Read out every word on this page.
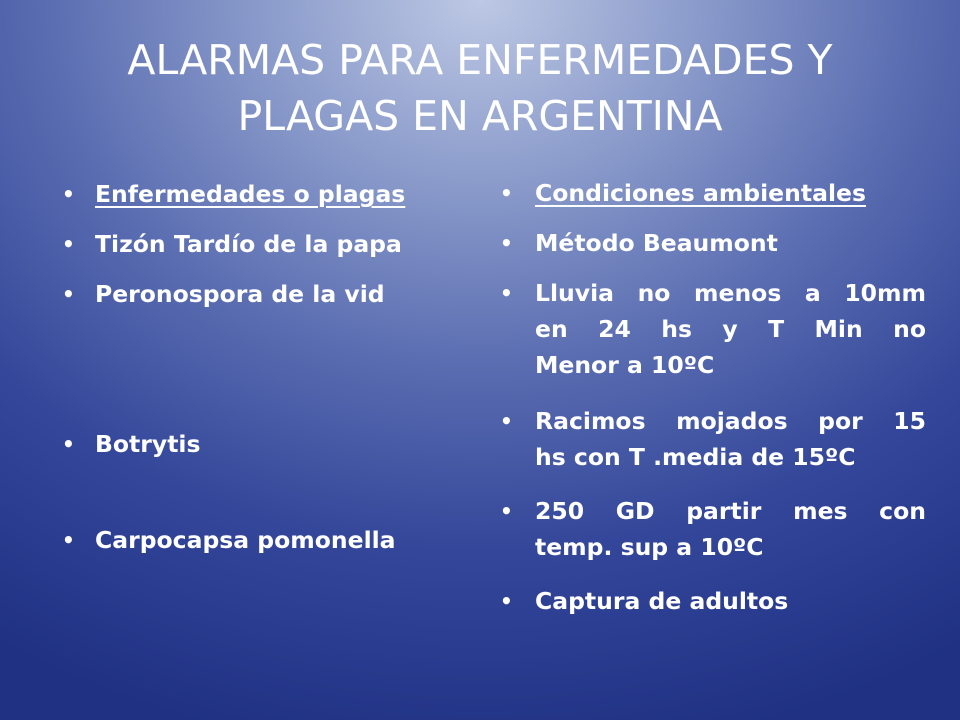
ALARMAS PARA ENFERMEDADES Y
PLAGAS EN ARGENTINA
• Enfermedades o plagas
• Tizón Tardío de la papa
• Peronospora de la vid
• Botrytis
• Carpocapsa pomonella
• Condiciones ambientales
• Método Beaumont
• Lluvia no menos a 10mm
en 24 hs y T Min no
Menor a 10ºC
• Racimos mojados por 15
hs con T .media de 15ºC
• 250 GD partir mes con
temp. sup a 10ºC
• Captura de adultos
